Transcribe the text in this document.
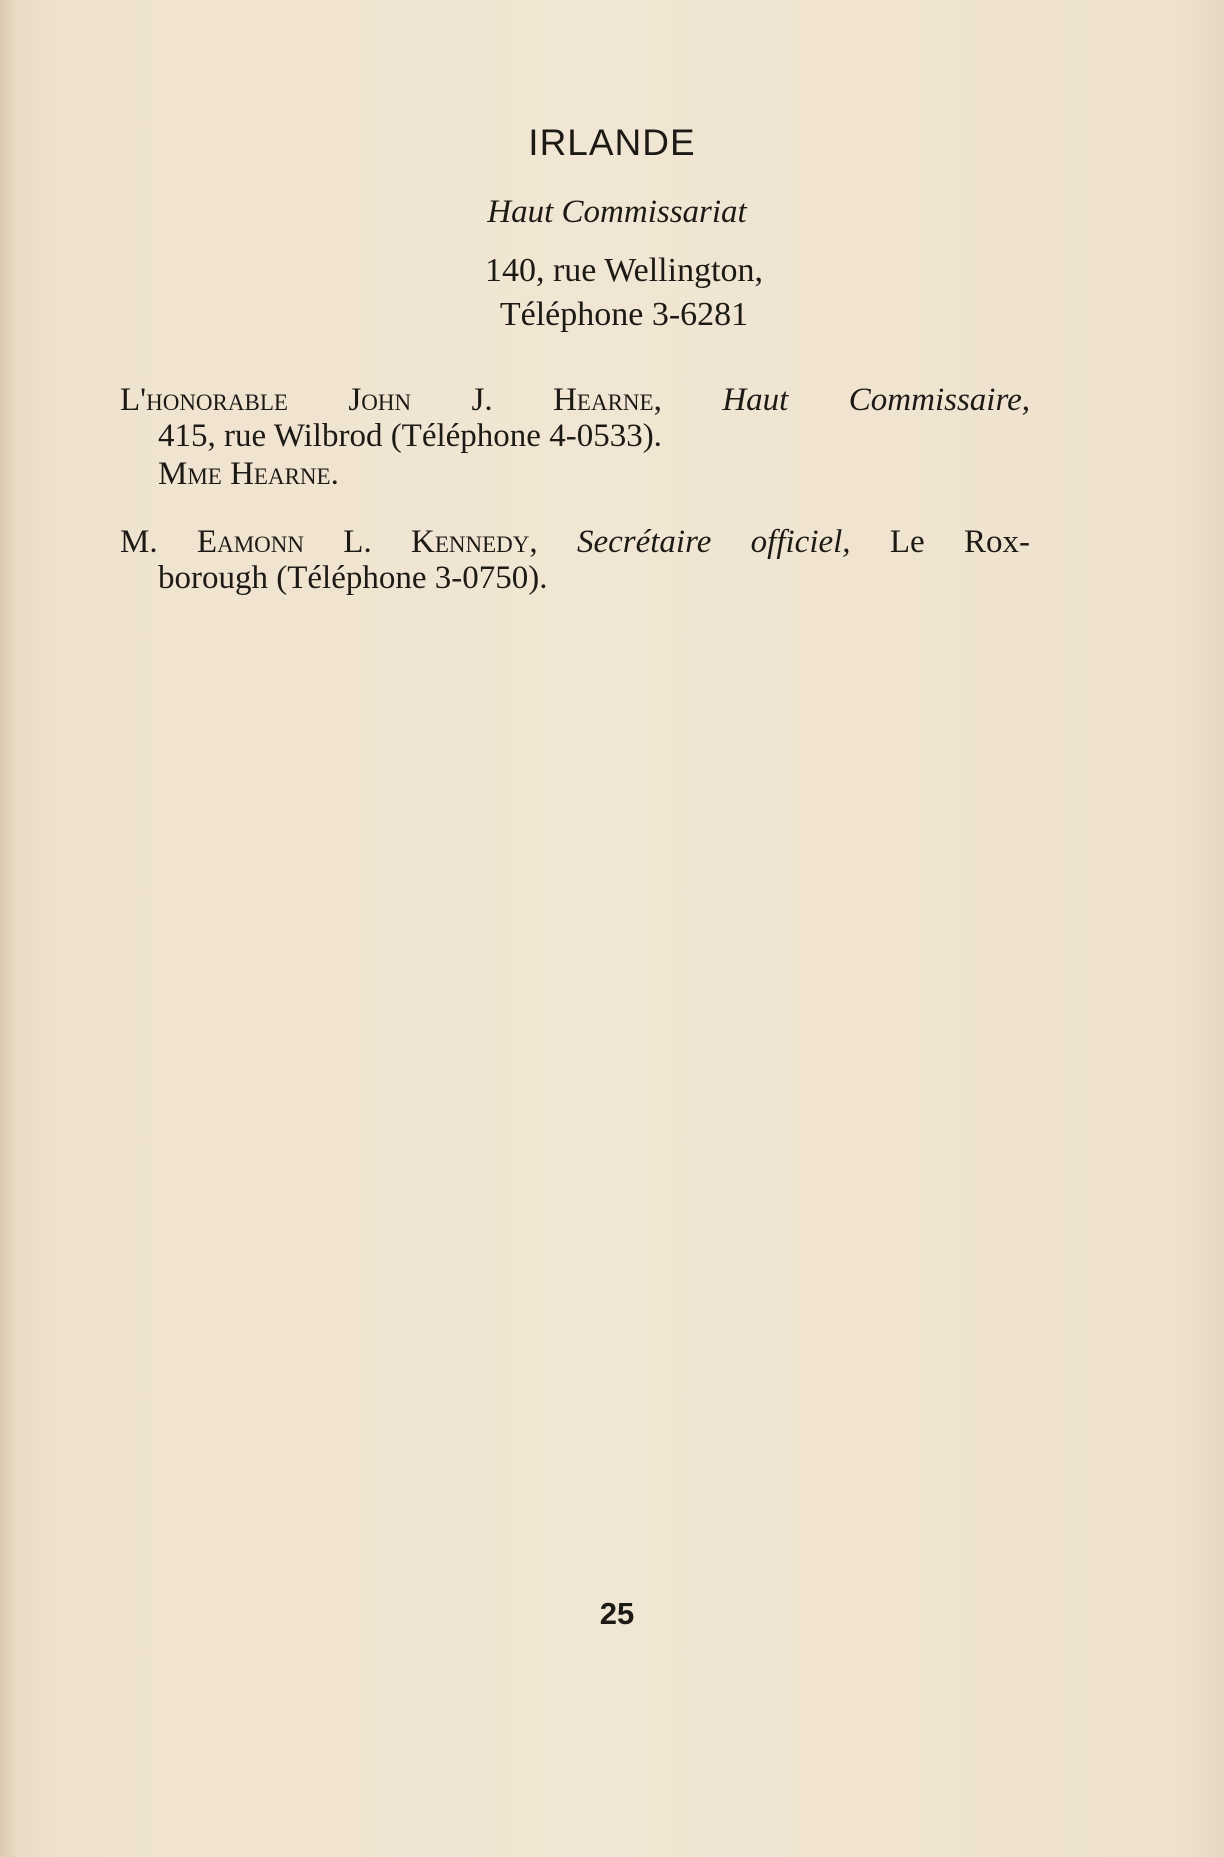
IRLANDE
Haut Commissariat
140, rue Wellington,
Téléphone 3-6281
L'honorable John J. Hearne, Haut Commissaire,
415, rue Wilbrod (Téléphone 4-0533).
Mme Hearne.
M. Eamonn L. Kennedy, Secrétaire officiel, Le Rox-
borough (Téléphone 3-0750).
25
